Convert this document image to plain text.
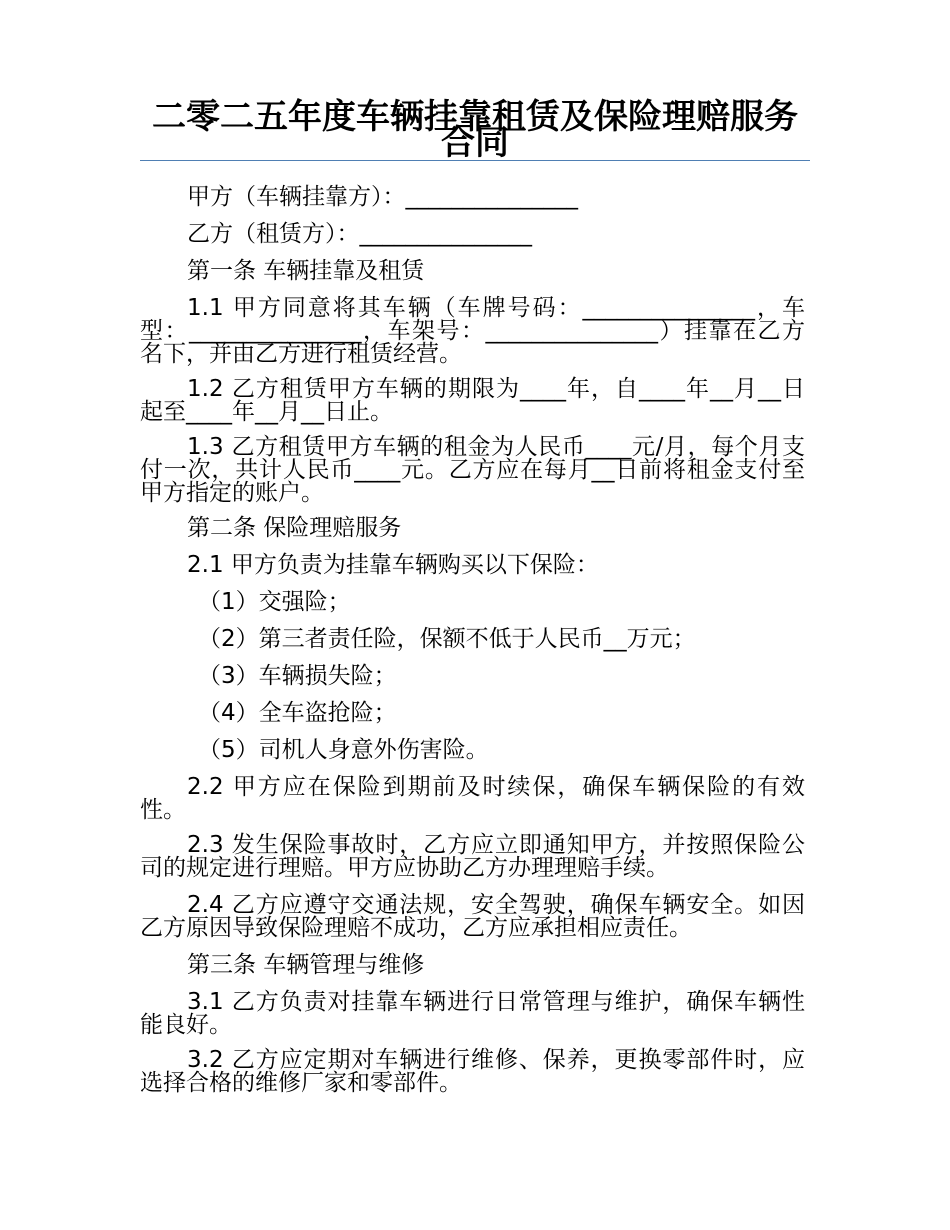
二零二五年度车辆挂靠租赁及保险理赔服务合同

甲方（车辆挂靠方）：_______________

乙方（租赁方）：_______________

第一条 车辆挂靠及租赁

1.1 甲方同意将其车辆（车牌号码：_______________，车型：_______________，车架号：_______________）挂靠在乙方名下，并由乙方进行租赁经营。

1.2 乙方租赁甲方车辆的期限为____年，自____年__月__日起至____年__月__日止。

1.3 乙方租赁甲方车辆的租金为人民币____元/月，每个月支付一次，共计人民币____元。乙方应在每月__日前将租金支付至甲方指定的账户。

第二条 保险理赔服务

2.1 甲方负责为挂靠车辆购买以下保险：

（1）交强险；

（2）第三者责任险，保额不低于人民币__万元；

（3）车辆损失险；

（4）全车盗抢险；

（5）司机人身意外伤害险。

2.2 甲方应在保险到期前及时续保，确保车辆保险的有效性。

2.3 发生保险事故时，乙方应立即通知甲方，并按照保险公司的规定进行理赔。甲方应协助乙方办理理赔手续。

2.4 乙方应遵守交通法规，安全驾驶，确保车辆安全。如因乙方原因导致保险理赔不成功，乙方应承担相应责任。

第三条 车辆管理与维修

3.1 乙方负责对挂靠车辆进行日常管理与维护，确保车辆性能良好。

3.2 乙方应定期对车辆进行维修、保养，更换零部件时，应选择合格的维修厂家和零部件。
